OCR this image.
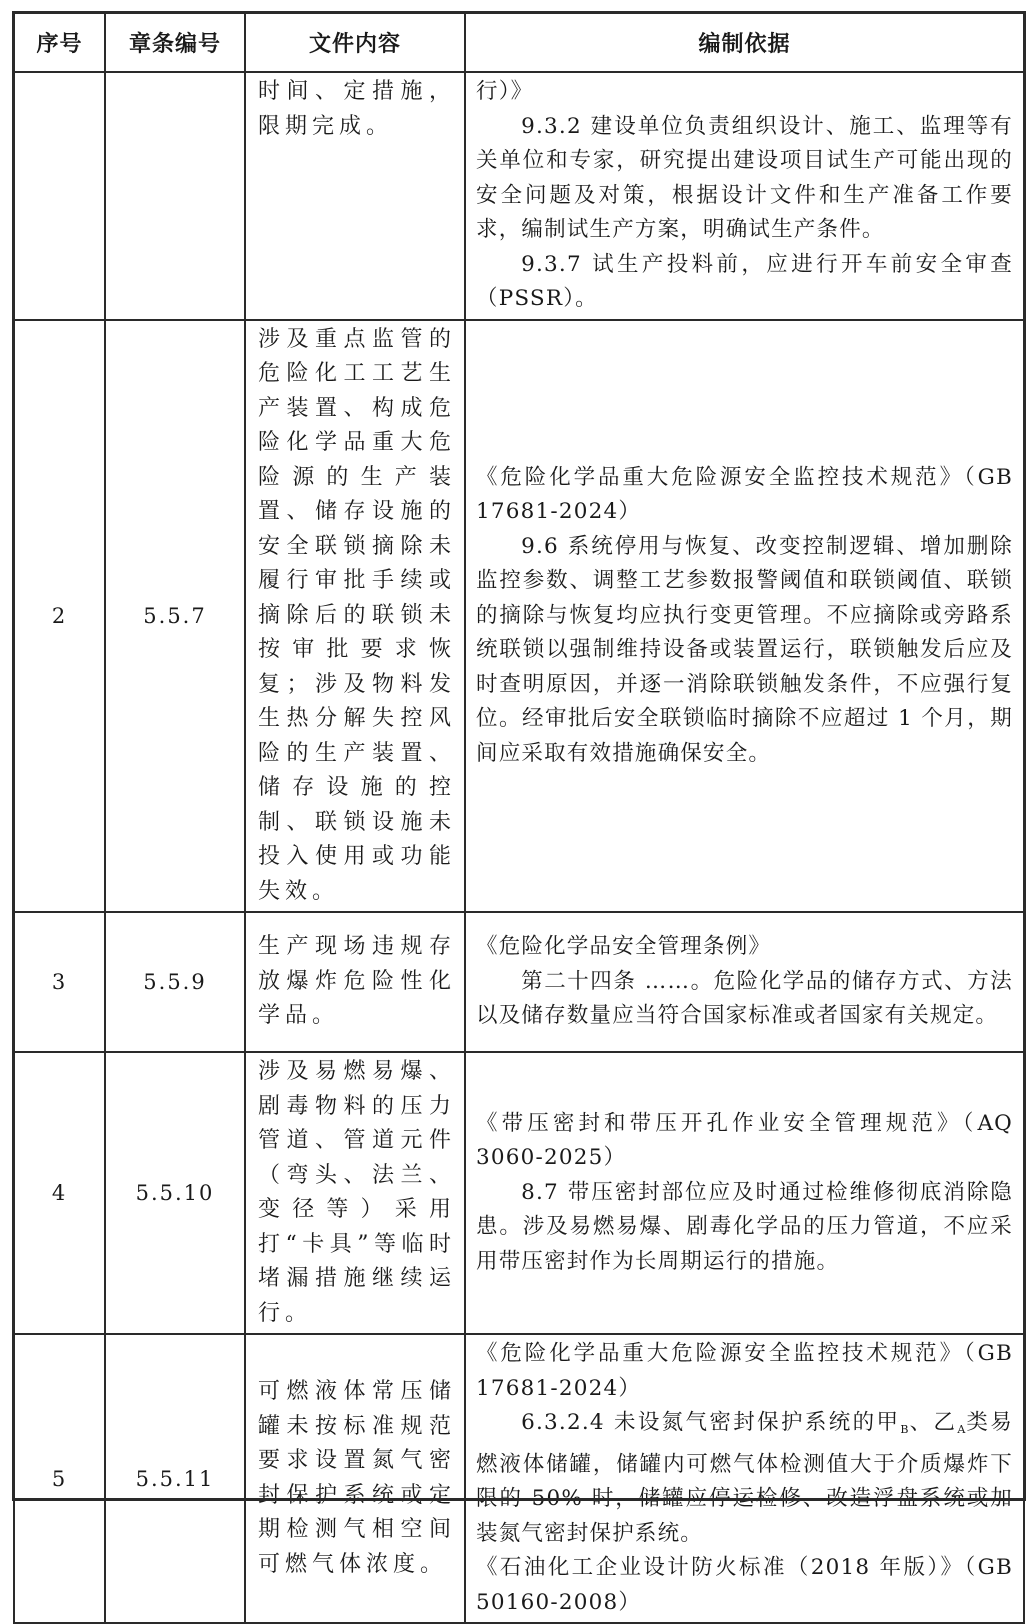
序号	章条编号	文件内容	编制依据

		时间、定措施，限期完成。	行）》

9.3.2 建设单位负责组织设计、施工、监理等有关单位和专家，研究提出建设项目试生产可能出现的安全问题及对策，根据设计文件和生产准备工作要求，编制试生产方案，明确试生产条件。

9.3.7 试生产投料前，应进行开车前安全审查（PSSR）。

2	5.5.7	涉及重点监管的危险化工工艺生产装置、构成危险化学品重大危险源的生产装置、储存设施的安全联锁摘除未履行审批手续或摘除后的联锁未按审批要求恢复；涉及物料发生热分解失控风险的生产装置、储存设施的控制、联锁设施未投入使用或功能失效。	《危险化学品重大危险源安全监控技术规范》（GB 17681-2024）

9.6 系统停用与恢复、改变控制逻辑、增加删除监控参数、调整工艺参数报警阈值和联锁阈值、联锁的摘除与恢复均应执行变更管理。不应摘除或旁路系统联锁以强制维持设备或装置运行，联锁触发后应及时查明原因，并逐一消除联锁触发条件，不应强行复位。经审批后安全联锁临时摘除不应超过 1 个月，期间应采取有效措施确保安全。

3	5.5.9	生产现场违规存放爆炸危险性化学品。	《危险化学品安全管理条例》

第二十四条 ……。危险化学品的储存方式、方法以及储存数量应当符合国家标准或者国家有关规定。

4	5.5.10	涉及易燃易爆、剧毒物料的压力管道、管道元件（弯头、法兰、变径等）采用打“卡具”等临时堵漏措施继续运行。	《带压密封和带压开孔作业安全管理规范》（AQ 3060-2025）

8.7 带压密封部位应及时通过检维修彻底消除隐患。涉及易燃易爆、剧毒化学品的压力管道，不应采用带压密封作为长周期运行的措施。

5	5.5.11	可燃液体常压储罐未按标准规范要求设置氮气密封保护系统或定期检测气相空间可燃气体浓度。	《危险化学品重大危险源安全监控技术规范》（GB 17681-2024）

6.3.2.4 未设氮气密封保护系统的甲$_B$、乙$_A$类易燃液体储罐，储罐内可燃气体检测值大于介质爆炸下限的 50% 时，储罐应停运检修、改造浮盘系统或加装氮气密封保护系统。

《石油化工企业设计防火标准（2018 年版）》（GB 50160-2008）
